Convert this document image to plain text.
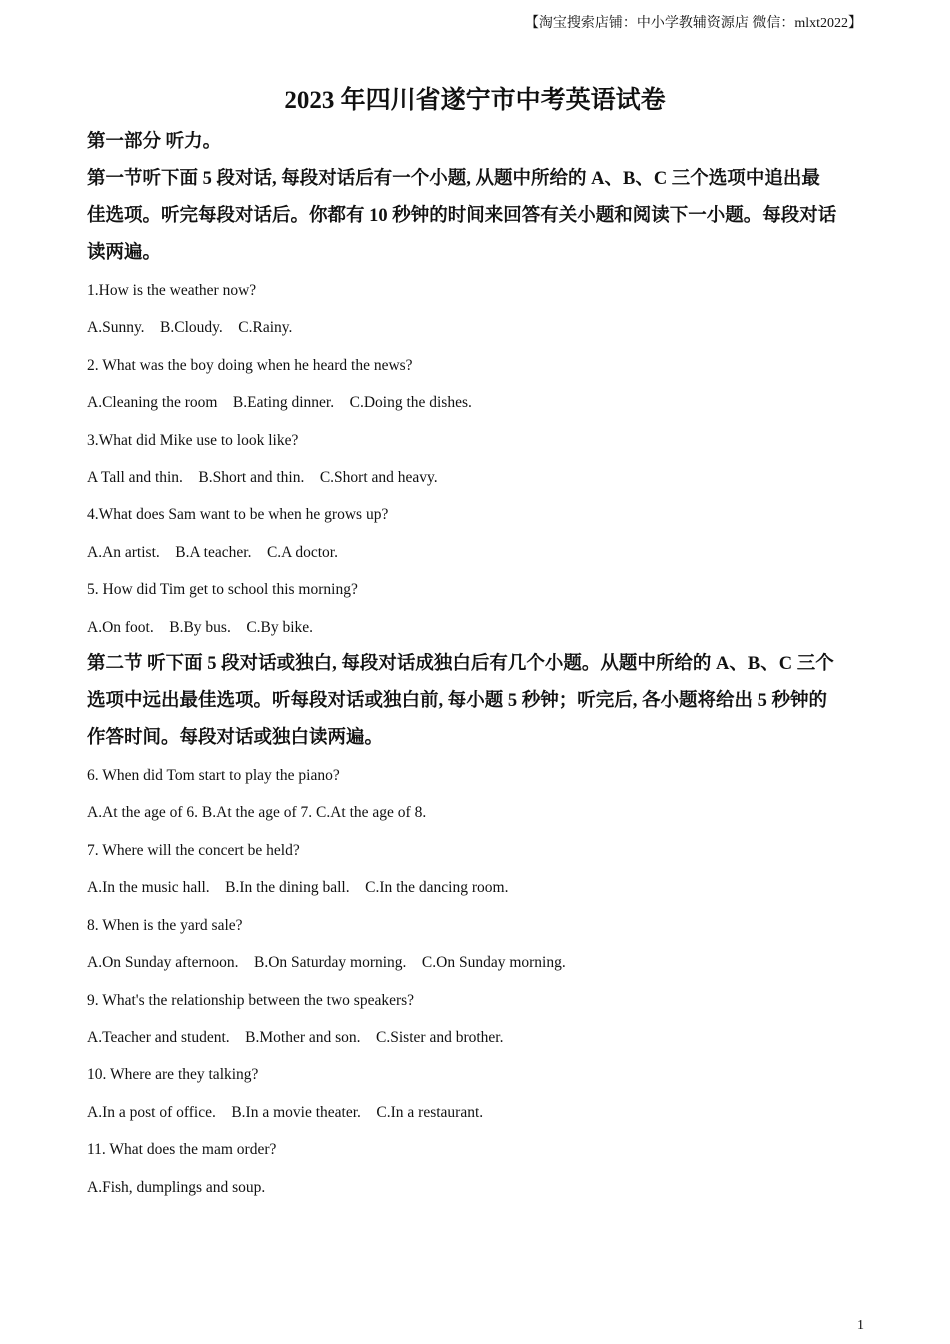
【淘宝搜索店铺：中小学教辅资源店 微信：mlxt2022】
2023 年四川省遂宁市中考英语试卷
第一部分 听力。
第一节听下面 5 段对话, 每段对话后有一个小题, 从题中所给的 A、B、C 三个选项中追出最
佳选项。听完每段对话后。你都有 10 秒钟的时间来回答有关小题和阅读下一小题。每段对话
读两遍。
1.How is the weather now?
A.Sunny.    B.Cloudy.    C.Rainy.
2. What was the boy doing when he heard the news?
A.Cleaning the room    B.Eating dinner.    C.Doing the dishes.
3.What did Mike use to look like?
A Tall and thin.    B.Short and thin.    C.Short and heavy.
4.What does Sam want to be when he grows up?
A.An artist.    B.A teacher.    C.A doctor.
5. How did Tim get to school this morning?
A.On foot.    B.By bus.    C.By bike.
第二节 听下面 5 段对话或独白, 每段对话成独白后有几个小题。从题中所给的 A、B、C 三个
选项中远出最佳选项。听每段对话或独白前, 每小题 5 秒钟；听完后, 各小题将给出 5 秒钟的
作答时间。每段对话或独白读两遍。
6. When did Tom start to play the piano?
A.At the age of 6. B.At the age of 7. C.At the age of 8.
7. Where will the concert be held?
A.In the music hall.    B.In the dining ball.    C.In the dancing room.
8. When is the yard sale?
A.On Sunday afternoon.    B.On Saturday morning.    C.On Sunday morning.
9. What's the relationship between the two speakers?
A.Teacher and student.    B.Mother and son.    C.Sister and brother.
10. Where are they talking?
A.In a post of office.    B.In a movie theater.    C.In a restaurant.
11. What does the mam order?
A.Fish, dumplings and soup.
1
